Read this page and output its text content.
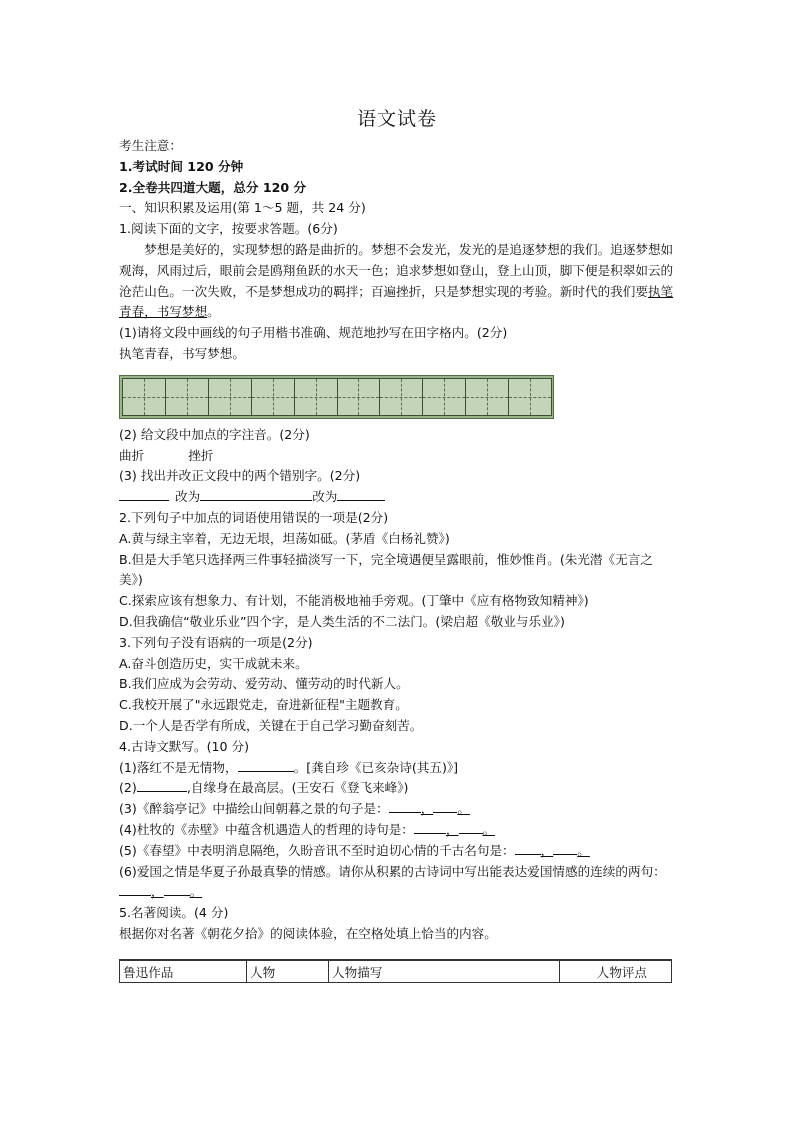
语文试卷
考生注意：
1.考试时间 120 分钟
2.全卷共四道大题，总分 120 分
一、知识积累及运用(第 1～5 题，共 24 分)
1.阅读下面的文字，按要求答题。(6分)
梦想是美好的，实现梦想的路是曲折的。梦想不会发光，发光的是追逐梦想的我们。追逐梦想如观海，风雨过后，眼前会是鸥翔鱼跃的水天一色；追求梦想如登山，登上山顶，脚下便是积翠如云的沧茫山色。一次失败，不是梦想成功的羁拌；百遍挫折，只是梦想实现的考验。新时代的我们要执笔青春，书写梦想。
(1)请将文段中画线的句子用楷书准确、规范地抄写在田字格内。(2分)
执笔青春，书写梦想。
(2) 给文段中加点的字注音。(2分)
曲折	挫折
(3) 找出并改正文段中的两个错别字。(2分)
改为	改为
2.下列句子中加点的词语使用错误的一项是(2分)
A.黄与绿主宰着，无边无垠，坦荡如砥。(茅盾《白杨礼赞》)
B.但是大手笔只选择两三件事轻描淡写一下，完全境遇便呈露眼前，惟妙惟肖。(朱光潜《无言之美》)
C.探索应该有想象力、有计划，不能消极地袖手旁观。(丁肇中《应有格物致知精神》)
D.但我确信“敬业乐业”四个字，是人类生活的不二法门。(梁启超《敬业与乐业》)
3.下列句子没有语病的一项是(2分)
A.奋斗创造历史，实干成就未来。
B.我们应成为会劳动、爱劳动、懂劳动的时代新人。
C.我校开展了"永远跟党走，奋进新征程"主题教育。
D.一个人是否学有所成，关键在于自己学习勤奋刻苦。
4.古诗文默写。(10 分)
(1)落红不是无情物，	。[龚自珍《已亥杂诗(其五)》]
(2)	,自缘身在最高层。(王安石《登飞来峰》)
(3)《醉翁亭记》中描绘山间朝暮之景的句子是：	， 。
(4)杜牧的《赤壁》中蕴含机遇造人的哲理的诗句是：	， 。
(5)《春望》中表明消息隔绝，久盼音讯不至时迫切心情的千古名句是： ， 。
(6)爱国之情是华夏子孙最真挚的情感。请你从积累的古诗词中写出能表达爱国情感的连续的两句：， 。
5.名著阅读。(4 分)
根据你对名著《朝花夕拾》的阅读体验，在空格处填上恰当的内容。
鲁迅作品	人物	人物描写	人物评点
